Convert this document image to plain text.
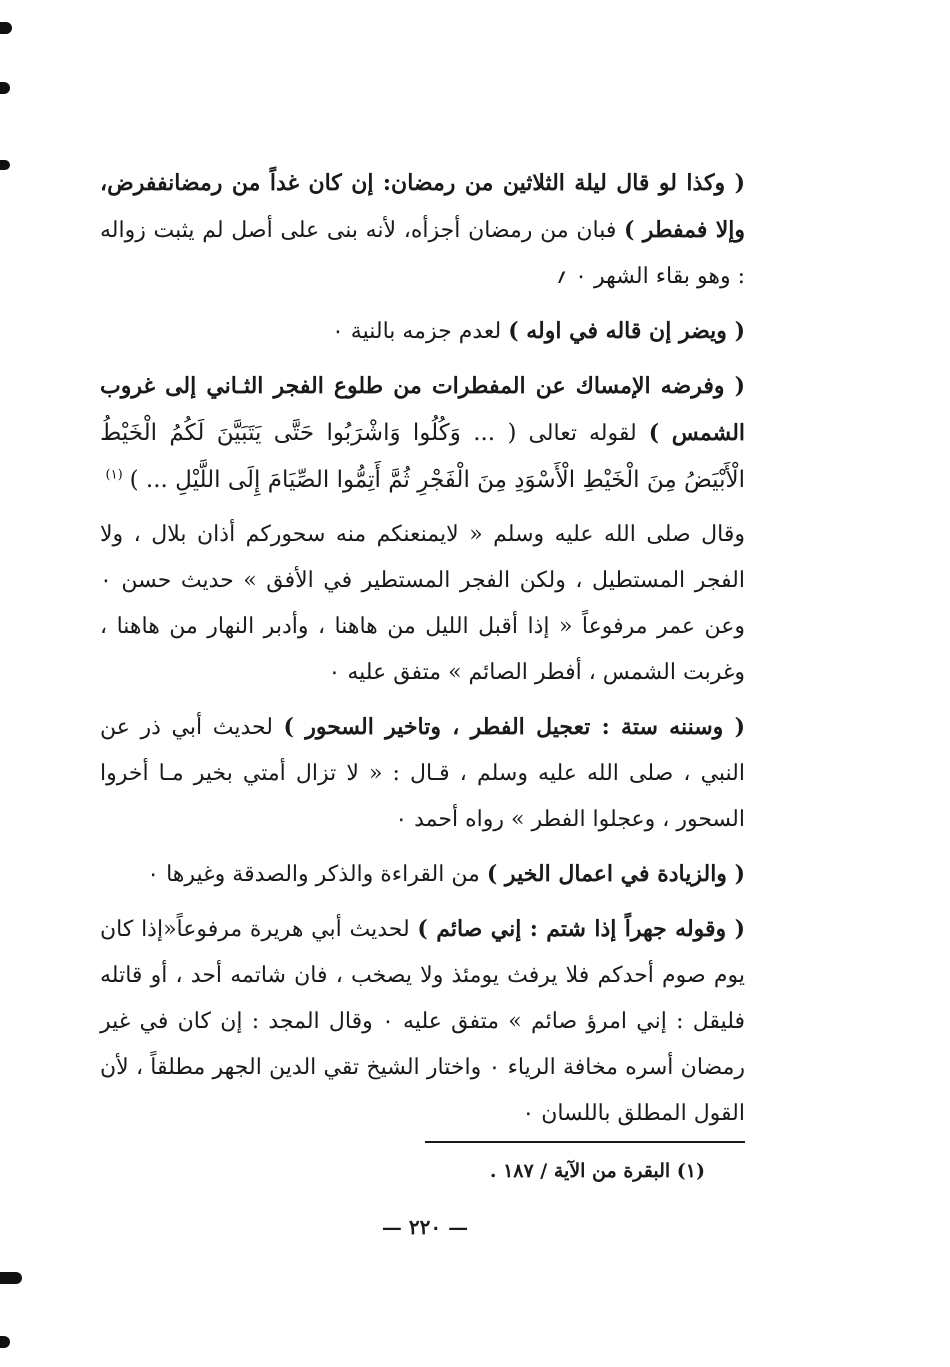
( وكذا لو قال ليلة الثلاثين من رمضان: إن كان غداً من رمضانففرض، وإلا فمفطر ) فبان من رمضان أجزأه، لأنه بنى على أصل لم يثبت زواله : وهو بقاء الشهر ٠ ؍

( ويضر إن قاله في اوله ) لعدم جزمه بالنية ٠

( وفرضه الإمساك عن المفطرات من طلوع الفجر الثـاني إلى غروب الشمس ) لقوله تعالى ( ... وَكُلُوا وَاشْرَبُوا حَتَّى يَتَبَيَّنَ لَكُمُ الْخَيْطُ الْأَبْيَضُ مِنَ الْخَيْطِ الْأَسْوَدِ مِنَ الْفَجْرِ ثُمَّ أَتِمُّوا الصِّيَامَ إِلَى اللَّيْلِ ... ) $^{(١)}$

وقال صلى الله عليه وسلم « لايمنعنكم منه سحوركم أذان بلال ، ولا الفجر المستطيل ، ولكن الفجر المستطير في الأفق » حديث حسن ٠ وعن عمر مرفوعاً « إذا أقبل الليل من هاهنا ، وأدبر النهار من هاهنا ، وغربت الشمس ، أفطر الصائم » متفق عليه ٠

( وسننه ستة : تعجيل الفطر ، وتاخير السحور ) لحديث أبي ذر عن النبي ، صلى الله عليه وسلم ، قـال : « لا تزال أمتي بخير مـا أخروا السحور ، وعجلوا الفطر » رواه أحمد ٠

( والزيادة في اعمال الخير ) من القراءة والذكر والصدقة وغيرها ٠

( وقوله جهراً إذا شتم : إني صائم ) لحديث أبي هريرة مرفوعاً«إذا كان يوم صوم أحدكم فلا يرفث يومئذ ولا يصخب ، فان شاتمه أحد ، أو قاتله فليقل : إني امرؤ صائم » متفق عليه ٠ وقال المجد : إن كان في غير رمضان أسره مخافة الرياء ٠ واختار الشيخ تقي الدين الجهر مطلقاً ، لأن القول المطلق باللسان ٠

(١) البقرة من الآية / ١٨٧ .
— ٢٢٠ —
